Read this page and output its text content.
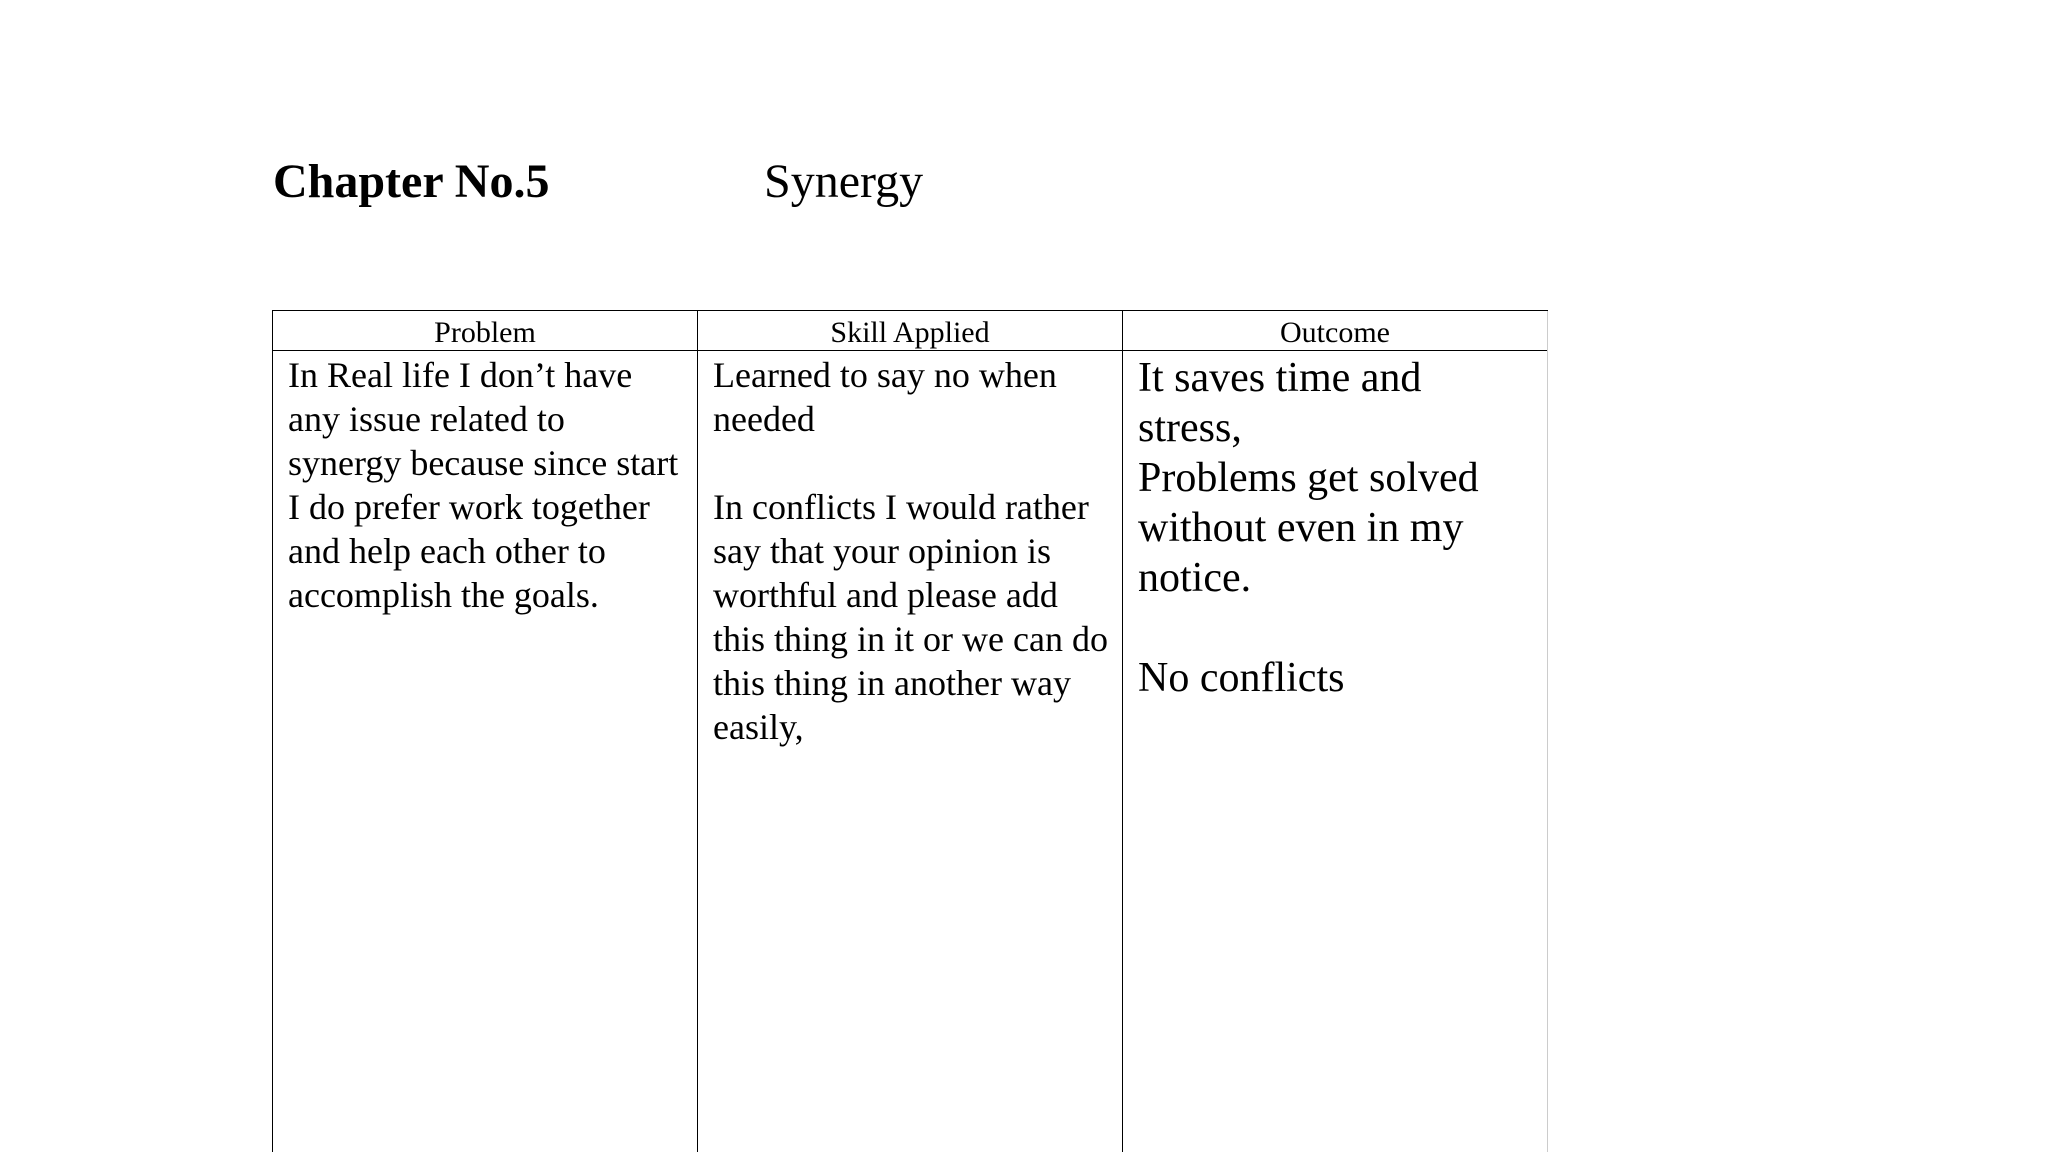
Chapter No.5	Synergy
Problem

In Real life I don’t have any issue related to synergy because since start I do prefer work together and help each other to accomplish the goals.

Skill Applied

Learned to say no when needed

In conflicts I would rather say that your opinion is worthful and please add this thing in it or we can do this thing in another way easily,

Outcome

It saves time and stress,

Problems get solved without even in my notice.

No conflicts
